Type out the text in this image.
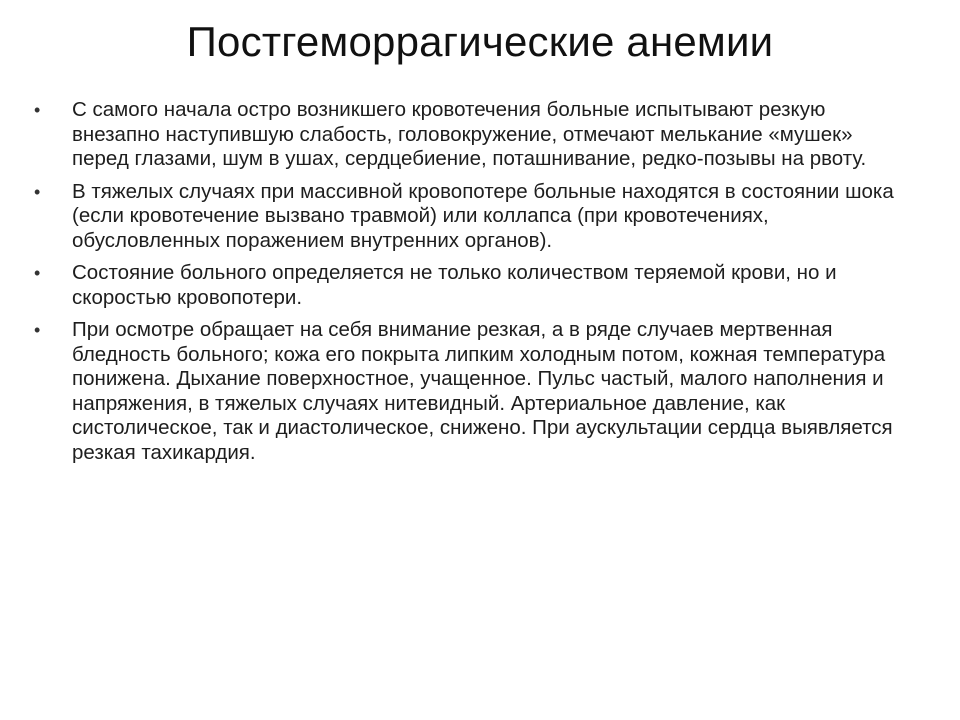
Постгеморрагические анемии
•	С самого начала остро возникшего кровотечения больные испытывают резкую внезапно наступившую слабость, головокружение, отмечают мелькание «мушек» перед глазами, шум в ушах, сердцебиение, поташнивание, редко-позывы на рвоту.
•	В тяжелых случаях при массивной кровопотере больные находятся в состоянии шока (если кровотечение вызвано травмой) или коллапса (при кровотечениях, обусловленных поражением внутренних органов).
•	Состояние больного определяется не только количеством теряемой крови, но и скоростью кровопотери.
•	При осмотре обращает на себя внимание резкая, а в ряде случаев мертвенная бледность больного; кожа его покрыта липким холодным потом, кожная температура понижена. Дыхание поверхностное, учащенное. Пульс частый, малого наполнения и напряжения, в тяжелых случаях нитевидный. Артериальное давление, как систолическое, так и диастолическое, снижено. При аускультации сердца выявляется резкая тахикардия.
